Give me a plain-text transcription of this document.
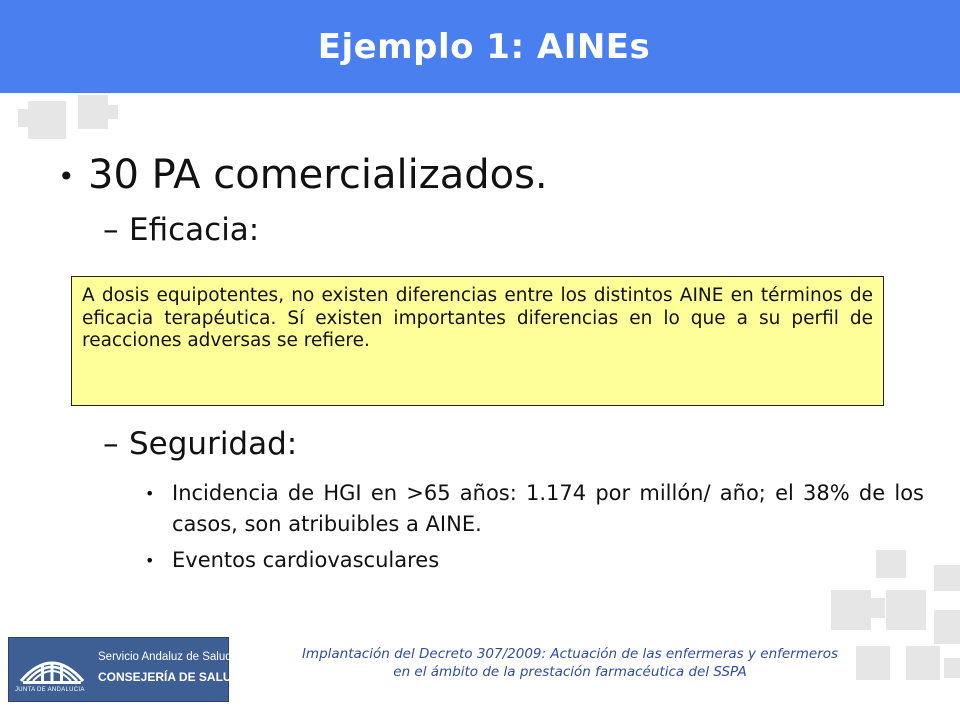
Ejemplo 1: AINEs
• 30 PA comercializados.
– Eficacia:
A dosis equipotentes, no existen diferencias entre los distintos AINE en términos de eficacia terapéutica. Sí existen importantes diferencias en lo que a su perfil de reacciones adversas se refiere.
– Seguridad:
• Incidencia de HGI en >65 años: 1.174 por millón/ año; el 38% de los casos, son atribuibles a AINE.
• Eventos cardiovasculares
Servicio Andaluz de Salud
CONSEJERÍA DE SALUD
JUNTA DE ANDALUCIA
Implantación del Decreto 307/2009: Actuación de las enfermeras y enfermeros
en el ámbito de la prestación farmacéutica del SSPA
